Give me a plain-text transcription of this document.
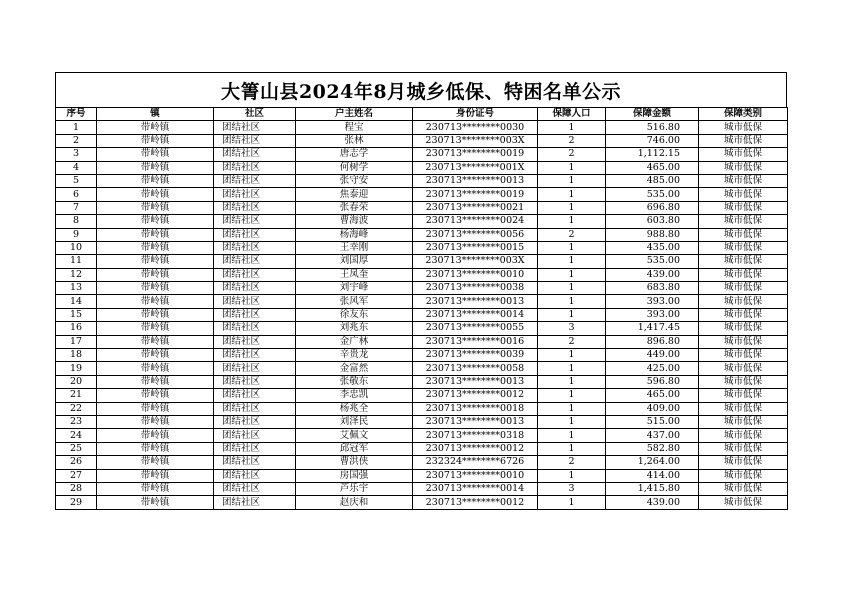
大箐山县2024年8月城乡低保、特困名单公示
序号	镇	社区	户主姓名	身份证号	保障人口	保障金额	保障类别
1	带岭镇	团结社区	程宝	230713********0030	1	516.80	城市低保
2	带岭镇	团结社区	张林	230713********003X	2	746.00	城市低保
3	带岭镇	团结社区	唐志学	230713********0019	2	1,112.15	城市低保
4	带岭镇	团结社区	何树学	230713********001X	1	465.00	城市低保
5	带岭镇	团结社区	张守安	230713********0013	1	485.00	城市低保
6	带岭镇	团结社区	焦泰迎	230713********0019	1	535.00	城市低保
7	带岭镇	团结社区	张春荣	230713********0021	1	696.80	城市低保
8	带岭镇	团结社区	曹海波	230713********0024	1	603.80	城市低保
9	带岭镇	团结社区	杨海峰	230713********0056	2	988.80	城市低保
10	带岭镇	团结社区	王幸刚	230713********0015	1	435.00	城市低保
11	带岭镇	团结社区	刘国厚	230713********003X	1	535.00	城市低保
12	带岭镇	团结社区	王凤奎	230713********0010	1	439.00	城市低保
13	带岭镇	团结社区	刘宇峰	230713********0038	1	683.80	城市低保
14	带岭镇	团结社区	张风军	230713********0013	1	393.00	城市低保
15	带岭镇	团结社区	徐友东	230713********0014	1	393.00	城市低保
16	带岭镇	团结社区	刘兆东	230713********0055	3	1,417.45	城市低保
17	带岭镇	团结社区	金广林	230713********0016	2	896.80	城市低保
18	带岭镇	团结社区	辛贵龙	230713********0039	1	449.00	城市低保
19	带岭镇	团结社区	金富然	230713********0058	1	425.00	城市低保
20	带岭镇	团结社区	张敬东	230713********0013	1	596.80	城市低保
21	带岭镇	团结社区	李忠凯	230713********0012	1	465.00	城市低保
22	带岭镇	团结社区	杨兆全	230713********0018	1	409.00	城市低保
23	带岭镇	团结社区	刘泽民	230713********0013	1	515.00	城市低保
24	带岭镇	团结社区	艾佩文	230713********0318	1	437.00	城市低保
25	带岭镇	团结社区	邱冠军	230713********0012	1	582.80	城市低保
26	带岭镇	团结社区	曹洪侠	232324********6726	2	1,264.00	城市低保
27	带岭镇	团结社区	房国强	230713********0010	1	414.00	城市低保
28	带岭镇	团结社区	芦乐宇	230713********0014	3	1,415.80	城市低保
29	带岭镇	团结社区	赵庆和	230713********0012	1	439.00	城市低保
